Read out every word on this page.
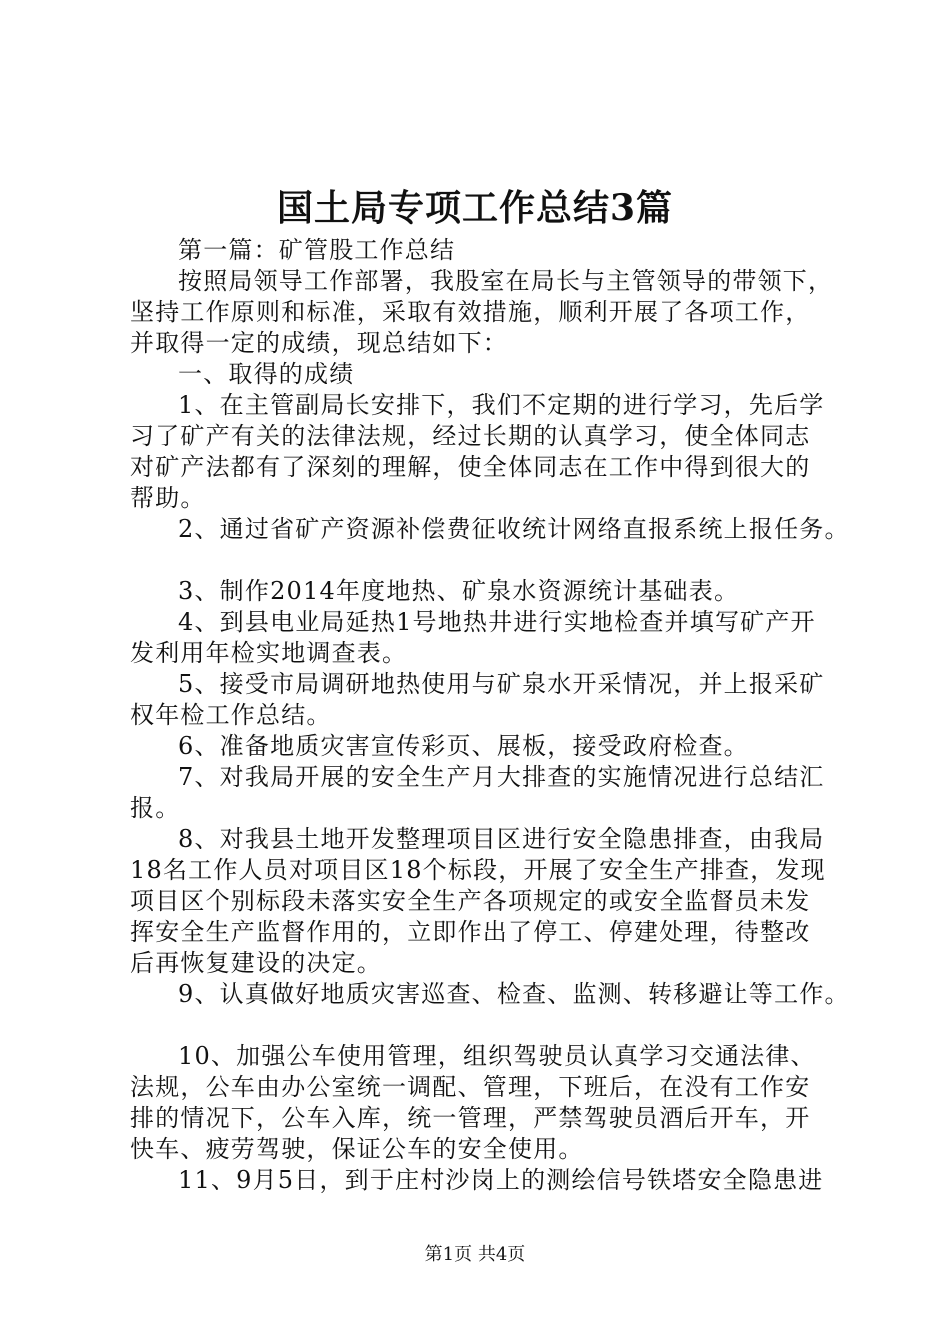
国土局专项工作总结3篇
第一篇：矿管股工作总结
按照局领导工作部署，我股室在局长与主管领导的带领下，
坚持工作原则和标准，采取有效措施，顺利开展了各项工作，
并取得一定的成绩，现总结如下：
一、取得的成绩
1、在主管副局长安排下，我们不定期的进行学习，先后学
习了矿产有关的法律法规，经过长期的认真学习，使全体同志
对矿产法都有了深刻的理解，使全体同志在工作中得到很大的
帮助。
2、通过省矿产资源补偿费征收统计网络直报系统上报任务。
3、制作2014年度地热、矿泉水资源统计基础表。
4、到县电业局延热1号地热井进行实地检查并填写矿产开
发利用年检实地调查表。
5、接受市局调研地热使用与矿泉水开采情况，并上报采矿
权年检工作总结。
6、准备地质灾害宣传彩页、展板，接受政府检查。
7、对我局开展的安全生产月大排查的实施情况进行总结汇
报。
8、对我县土地开发整理项目区进行安全隐患排查，由我局
18名工作人员对项目区18个标段，开展了安全生产排查，发现
项目区个别标段未落实安全生产各项规定的或安全监督员未发
挥安全生产监督作用的，立即作出了停工、停建处理，待整改
后再恢复建设的决定。
9、认真做好地质灾害巡查、检查、监测、转移避让等工作。
10、加强公车使用管理，组织驾驶员认真学习交通法律、
法规，公车由办公室统一调配、管理，下班后，在没有工作安
排的情况下，公车入库，统一管理，严禁驾驶员酒后开车，开
快车、疲劳驾驶，保证公车的安全使用。
11、9月5日，到于庄村沙岗上的测绘信号铁塔安全隐患进
第1页 共4页
